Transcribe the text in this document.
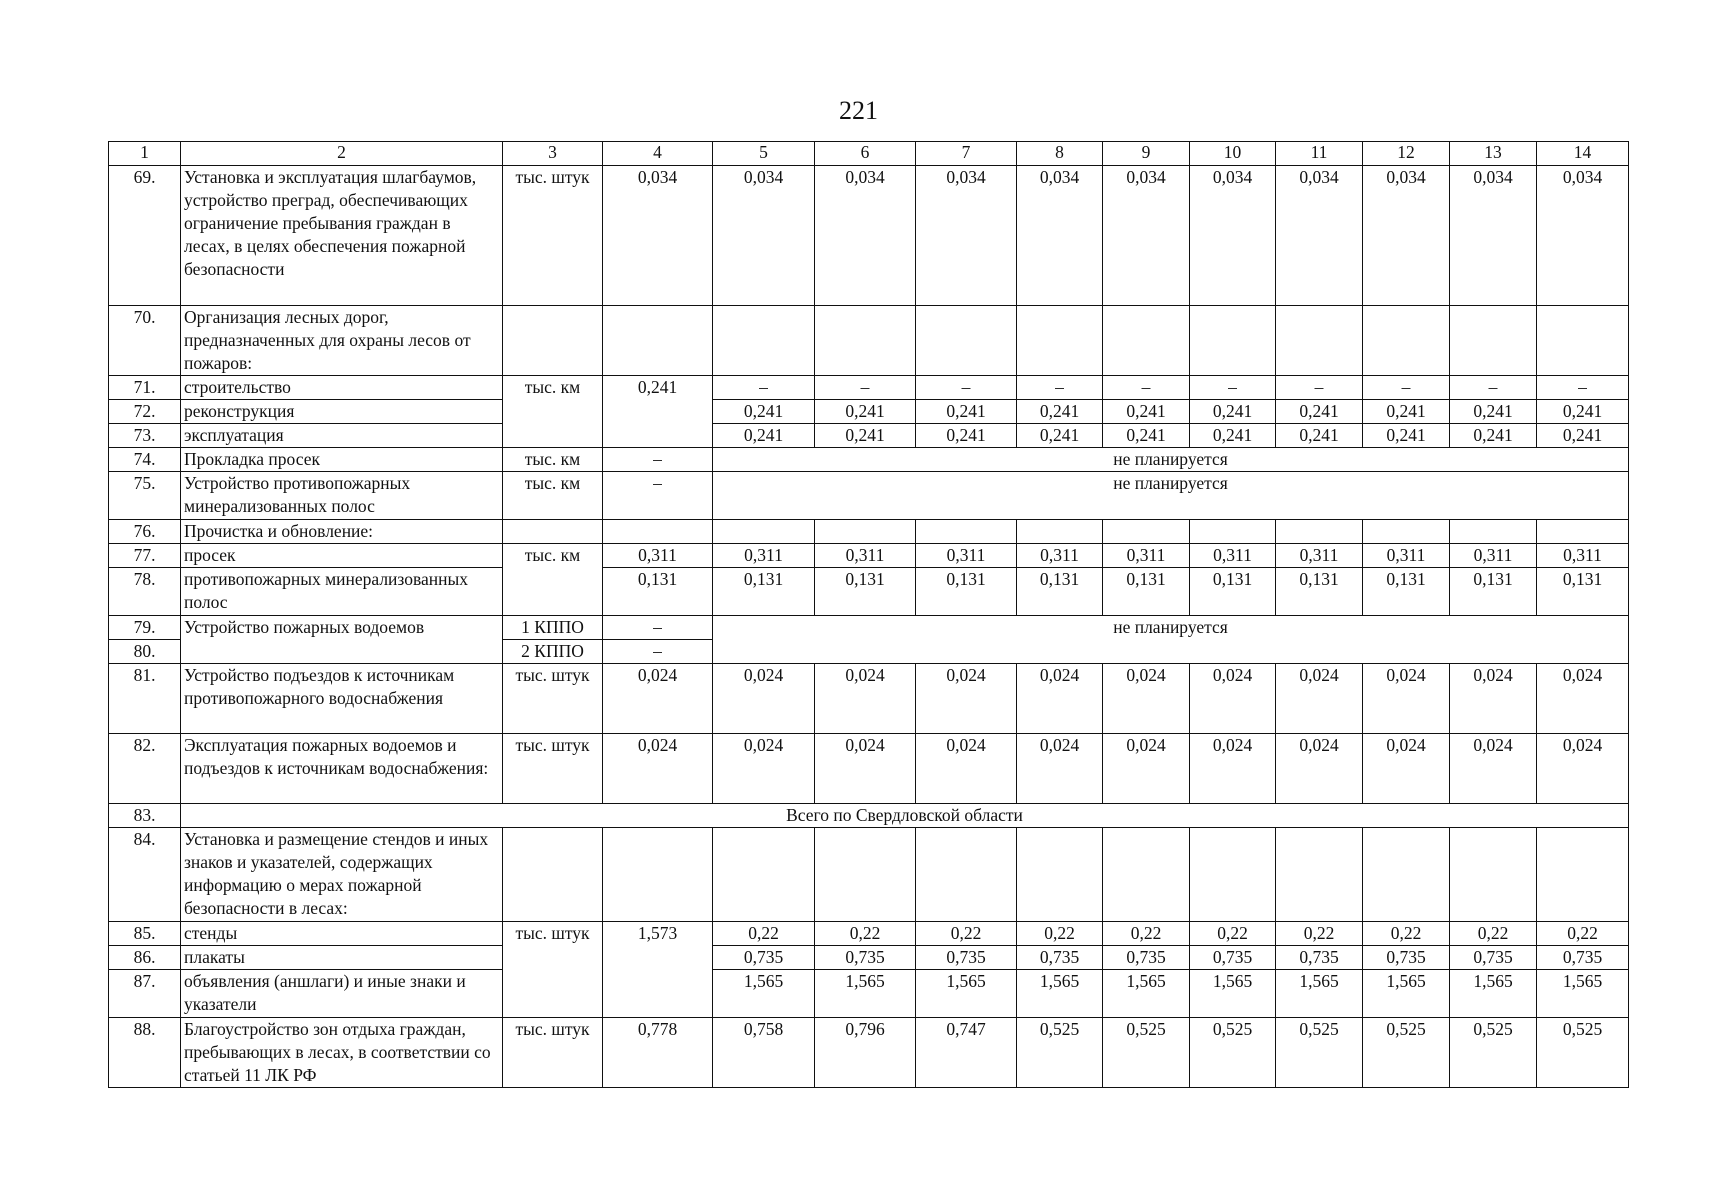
221
1	2	3	4	5	6	7	8	9	10	11	12	13	14
69.	Установка и эксплуатация шлагбаумов, устройство преград, обеспечивающих ограничение пребывания граждан в лесах, в целях обеспечения пожарной безопасности	тыс. штук	0,034	0,034	0,034	0,034	0,034	0,034	0,034	0,034	0,034	0,034	0,034
70.	Организация лесных дорог, предназначенных для охраны лесов от пожаров:												
71.	строительство	тыс. км	0,241	–	–	–	–	–	–	–	–	–	–
72.	реконструкция			0,241	0,241	0,241	0,241	0,241	0,241	0,241	0,241	0,241	0,241
73.	эксплуатация			0,241	0,241	0,241	0,241	0,241	0,241	0,241	0,241	0,241	0,241
74.	Прокладка просек	тыс. км	–	не планируется									
75.	Устройство противопожарных минерализованных полос	тыс. км	–	не планируется									
76.	Прочистка и обновление:												
77.	просек	тыс. км	0,311	0,311	0,311	0,311	0,311	0,311	0,311	0,311	0,311	0,311	0,311
78.	противопожарных минерализованных полос		0,131	0,131	0,131	0,131	0,131	0,131	0,131	0,131	0,131	0,131	0,131
79.	Устройство пожарных водоемов	1 КППО	–	не планируется									
80.		2 КППО	–										
81.	Устройство подъездов к источникам противопожарного водоснабжения	тыс. штук	0,024	0,024	0,024	0,024	0,024	0,024	0,024	0,024	0,024	0,024	0,024
82.	Эксплуатация пожарных водоемов и подъездов к источникам водоснабжения:	тыс. штук	0,024	0,024	0,024	0,024	0,024	0,024	0,024	0,024	0,024	0,024	0,024
83.	Всего по Свердловской области												
84.	Установка и размещение стендов и иных знаков и указателей, содержащих информацию о мерах пожарной безопасности в лесах:												
85.	стенды	тыс. штук	1,573	0,22	0,22	0,22	0,22	0,22	0,22	0,22	0,22	0,22	0,22
86.	плакаты			0,735	0,735	0,735	0,735	0,735	0,735	0,735	0,735	0,735	0,735
87.	объявления (аншлаги) и иные знаки и указатели			1,565	1,565	1,565	1,565	1,565	1,565	1,565	1,565	1,565	1,565
88.	Благоустройство зон отдыха граждан, пребывающих в лесах, в соответствии со статьей 11 ЛК РФ	тыс. штук	0,778	0,758	0,796	0,747	0,525	0,525	0,525	0,525	0,525	0,525	0,525
